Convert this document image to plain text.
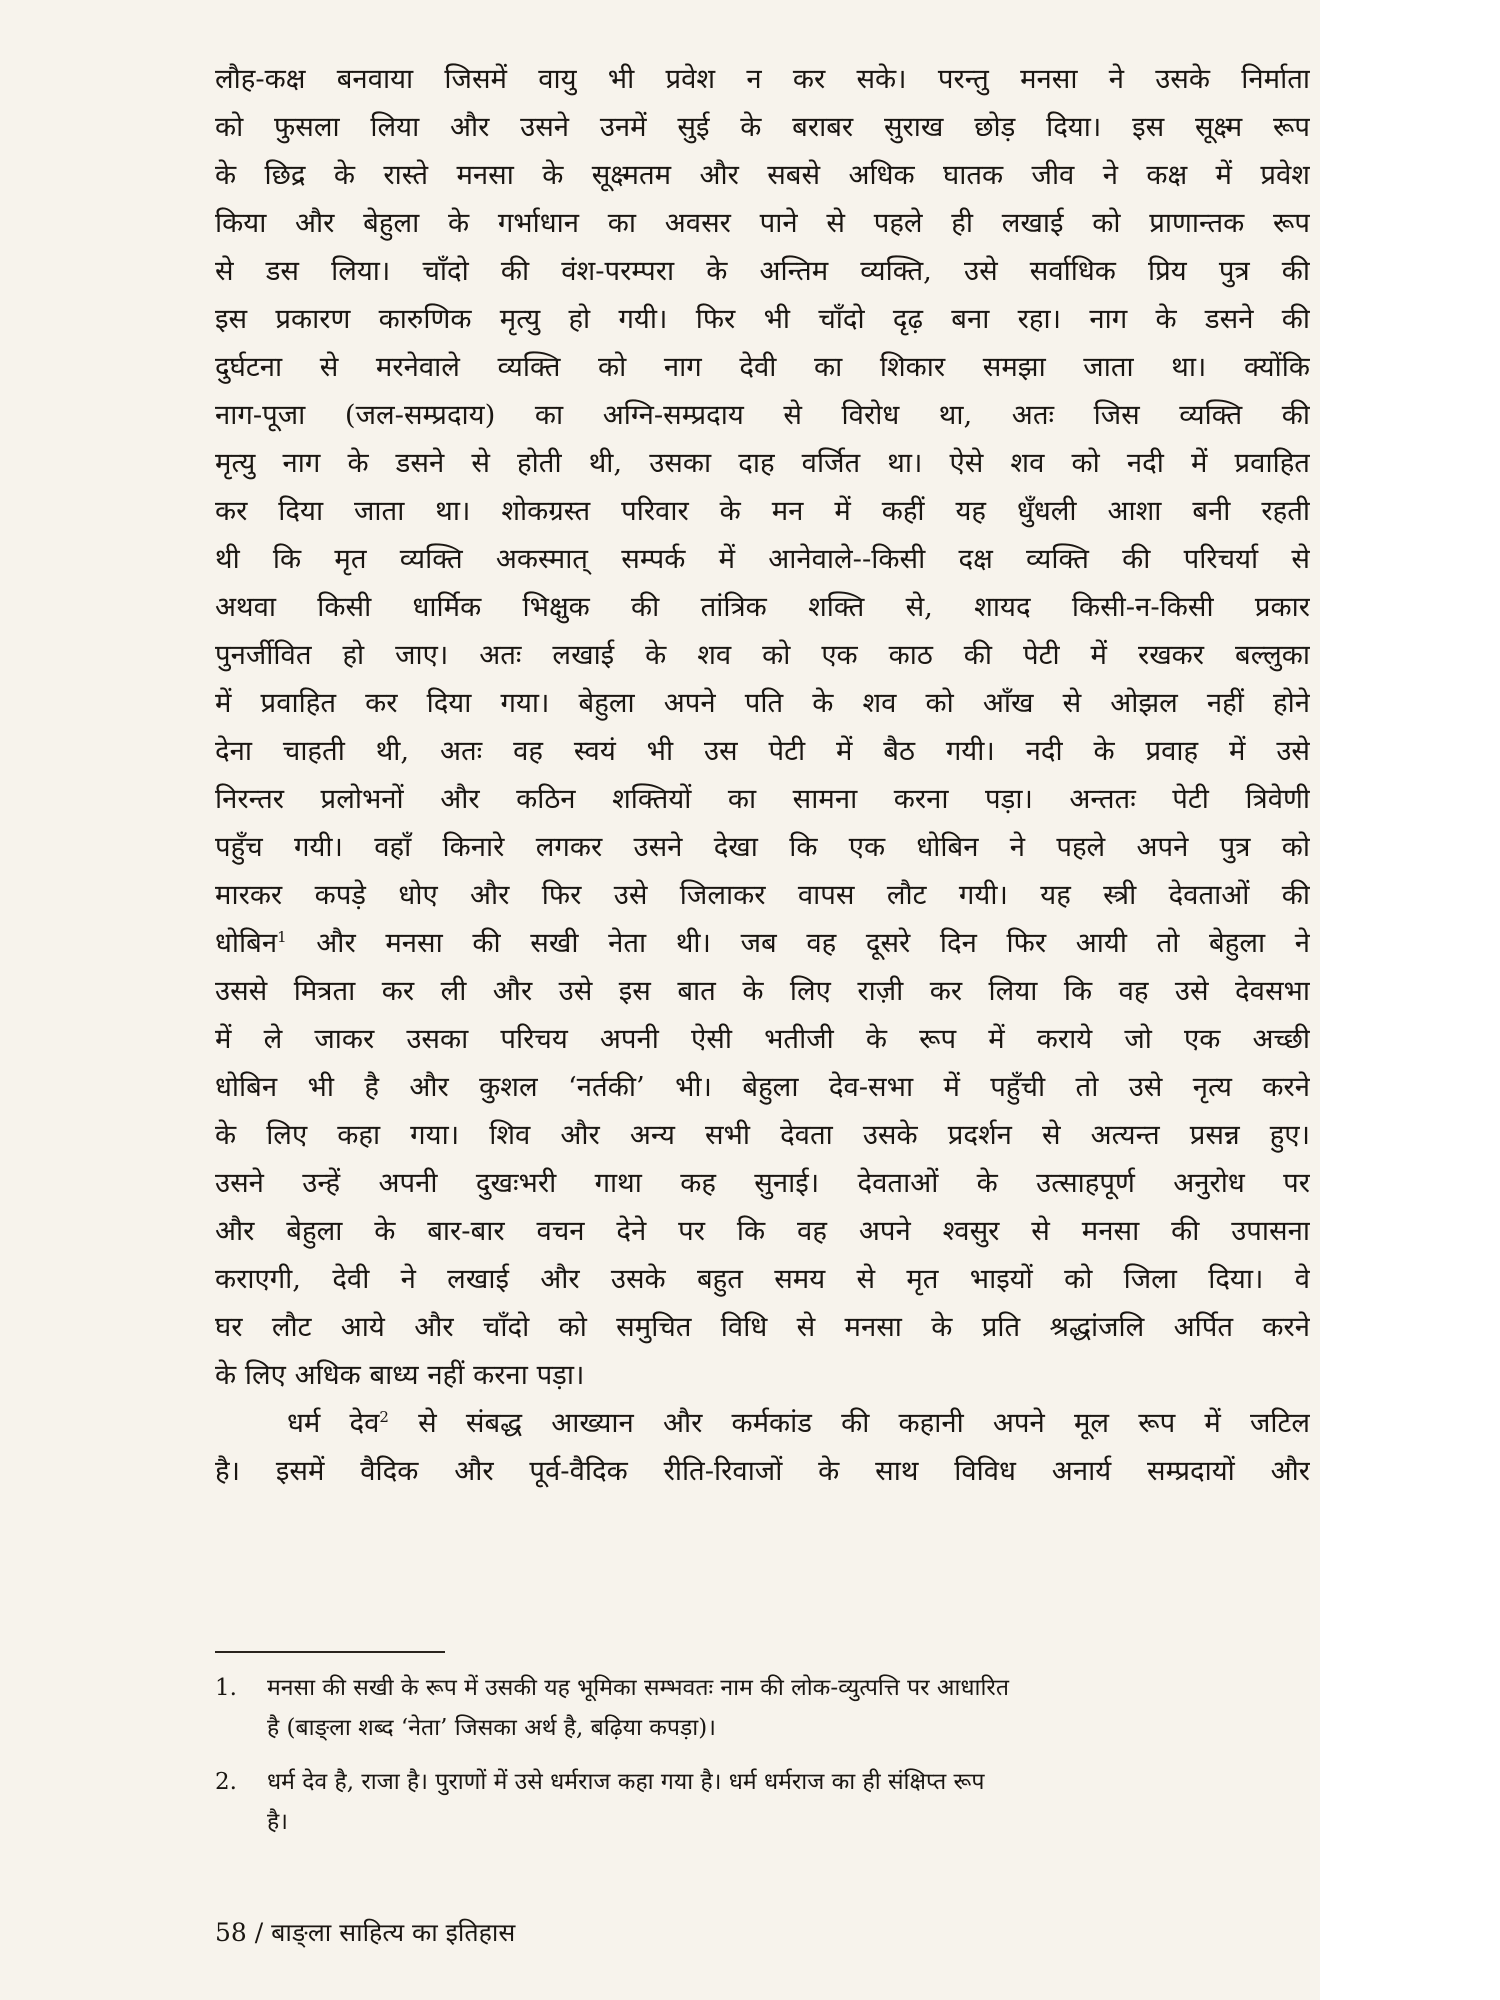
लौह-कक्ष बनवाया जिसमें वायु भी प्रवेश न कर सके। परन्तु मनसा ने उसके निर्माता
को फुसला लिया और उसने उनमें सुई के बराबर सुराख छोड़ दिया। इस सूक्ष्म रूप
के छिद्र के रास्ते मनसा के सूक्ष्मतम और सबसे अधिक घातक जीव ने कक्ष में प्रवेश
किया और बेहुला के गर्भाधान का अवसर पाने से पहले ही लखाई को प्राणान्तक रूप
से डस लिया। चाँदो की वंश-परम्परा के अन्तिम व्यक्ति, उसे सर्वाधिक प्रिय पुत्र की
इस प्रकारण कारुणिक मृत्यु हो गयी। फिर भी चाँदो दृढ़ बना रहा। नाग के डसने की
दुर्घटना से मरनेवाले व्यक्ति को नाग देवी का शिकार समझा जाता था। क्योंकि
नाग-पूजा (जल-सम्प्रदाय) का अग्नि-सम्प्रदाय से विरोध था, अतः जिस व्यक्ति की
मृत्यु नाग के डसने से होती थी, उसका दाह वर्जित था। ऐसे शव को नदी में प्रवाहित
कर दिया जाता था। शोकग्रस्त परिवार के मन में कहीं यह धुँधली आशा बनी रहती
थी कि मृत व्यक्ति अकस्मात् सम्पर्क में आनेवाले--किसी दक्ष व्यक्ति की परिचर्या से
अथवा किसी धार्मिक भिक्षुक की तांत्रिक शक्ति से, शायद किसी-न-किसी प्रकार
पुनर्जीवित हो जाए। अतः लखाई के शव को एक काठ की पेटी में रखकर बल्लुका
में प्रवाहित कर दिया गया। बेहुला अपने पति के शव को आँख से ओझल नहीं होने
देना चाहती थी, अतः वह स्वयं भी उस पेटी में बैठ गयी। नदी के प्रवाह में उसे
निरन्तर प्रलोभनों और कठिन शक्तियों का सामना करना पड़ा। अन्ततः पेटी त्रिवेणी
पहुँच गयी। वहाँ किनारे लगकर उसने देखा कि एक धोबिन ने पहले अपने पुत्र को
मारकर कपड़े धोए और फिर उसे जिलाकर वापस लौट गयी। यह स्त्री देवताओं की
धोबिन$^1$ और मनसा की सखी नेता थी। जब वह दूसरे दिन फिर आयी तो बेहुला ने
उससे मित्रता कर ली और उसे इस बात के लिए राज़ी कर लिया कि वह उसे देवसभा
में ले जाकर उसका परिचय अपनी ऐसी भतीजी के रूप में कराये जो एक अच्छी
धोबिन भी है और कुशल ‘नर्तकी’ भी। बेहुला देव-सभा में पहुँची तो उसे नृत्य करने
के लिए कहा गया। शिव और अन्य सभी देवता उसके प्रदर्शन से अत्यन्त प्रसन्न हुए।
उसने उन्हें अपनी दुखःभरी गाथा कह सुनाई। देवताओं के उत्साहपूर्ण अनुरोध पर
और बेहुला के बार-बार वचन देने पर कि वह अपने श्वसुर से मनसा की उपासना
कराएगी, देवी ने लखाई और उसके बहुत समय से मृत भाइयों को जिला दिया। वे
घर लौट आये और चाँदो को समुचित विधि से मनसा के प्रति श्रद्धांजलि अर्पित करने
के लिए अधिक बाध्य नहीं करना पड़ा।

धर्म देव$^2$ से संबद्ध आख्यान और कर्मकांड की कहानी अपने मूल रूप में जटिल
है। इसमें वैदिक और पूर्व-वैदिक रीति-रिवाजों के साथ विविध अनार्य सम्प्रदायों और

1. मनसा की सखी के रूप में उसकी यह भूमिका सम्भवतः नाम की लोक-व्युत्पत्ति पर आधारित
है (बाङ्ला शब्द ‘नेता’ जिसका अर्थ है, बढ़िया कपड़ा)।
2. धर्म देव है, राजा है। पुराणों में उसे धर्मराज कहा गया है। धर्म धर्मराज का ही संक्षिप्त रूप
है।
58 / बाङ्ला साहित्य का इतिहास
